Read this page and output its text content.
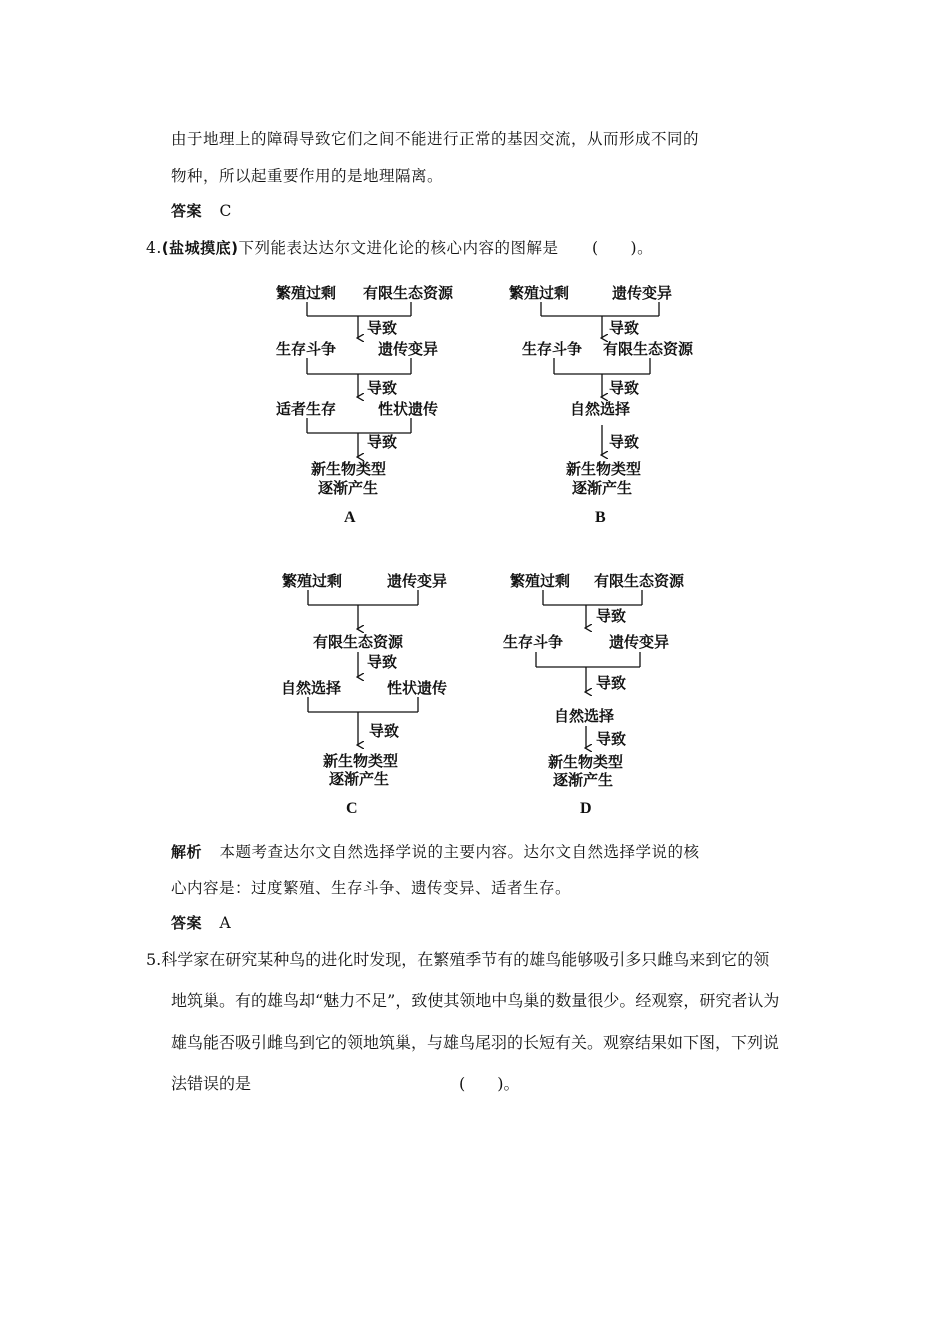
由于地理上的障碍导致它们之间不能进行正常的基因交流，从而形成不同的
物种，所以起重要作用的是地理隔离。
答案 C
4.(盐城摸底)下列能表达达尔文进化论的核心内容的图解是 (　　)。
繁殖过剩 有限生态资源
导致
生存斗争	遗传变异
导致
适者生存	性状遗传
导致
新生物类型
逐渐产生
A
繁殖过剩	遗传变异
导致
生存斗争 有限生态资源
导致
自然选择
导致
新生物类型
逐渐产生
B
繁殖过剩	遗传变异
有限生态资源
导致
自然选择	性状遗传
导致
新生物类型
逐渐产生
C
繁殖过剩 有限生态资源
导致
生存斗争	遗传变异
导致
自然选择
导致
新生物类型
逐渐产生
D
解析 本题考查达尔文自然选择学说的主要内容。达尔文自然选择学说的核
心内容是：过度繁殖、生存斗争、遗传变异、适者生存。
答案 A
5.科学家在研究某种鸟的进化时发现，在繁殖季节有的雄鸟能够吸引多只雌鸟来到它的领
地筑巢。有的雄鸟却“魅力不足”，致使其领地中鸟巢的数量很少。经观察，研究者认为
雄鸟能否吸引雌鸟到它的领地筑巢，与雄鸟尾羽的长短有关。观察结果如下图，下列说
法错误的是	(　　)。
